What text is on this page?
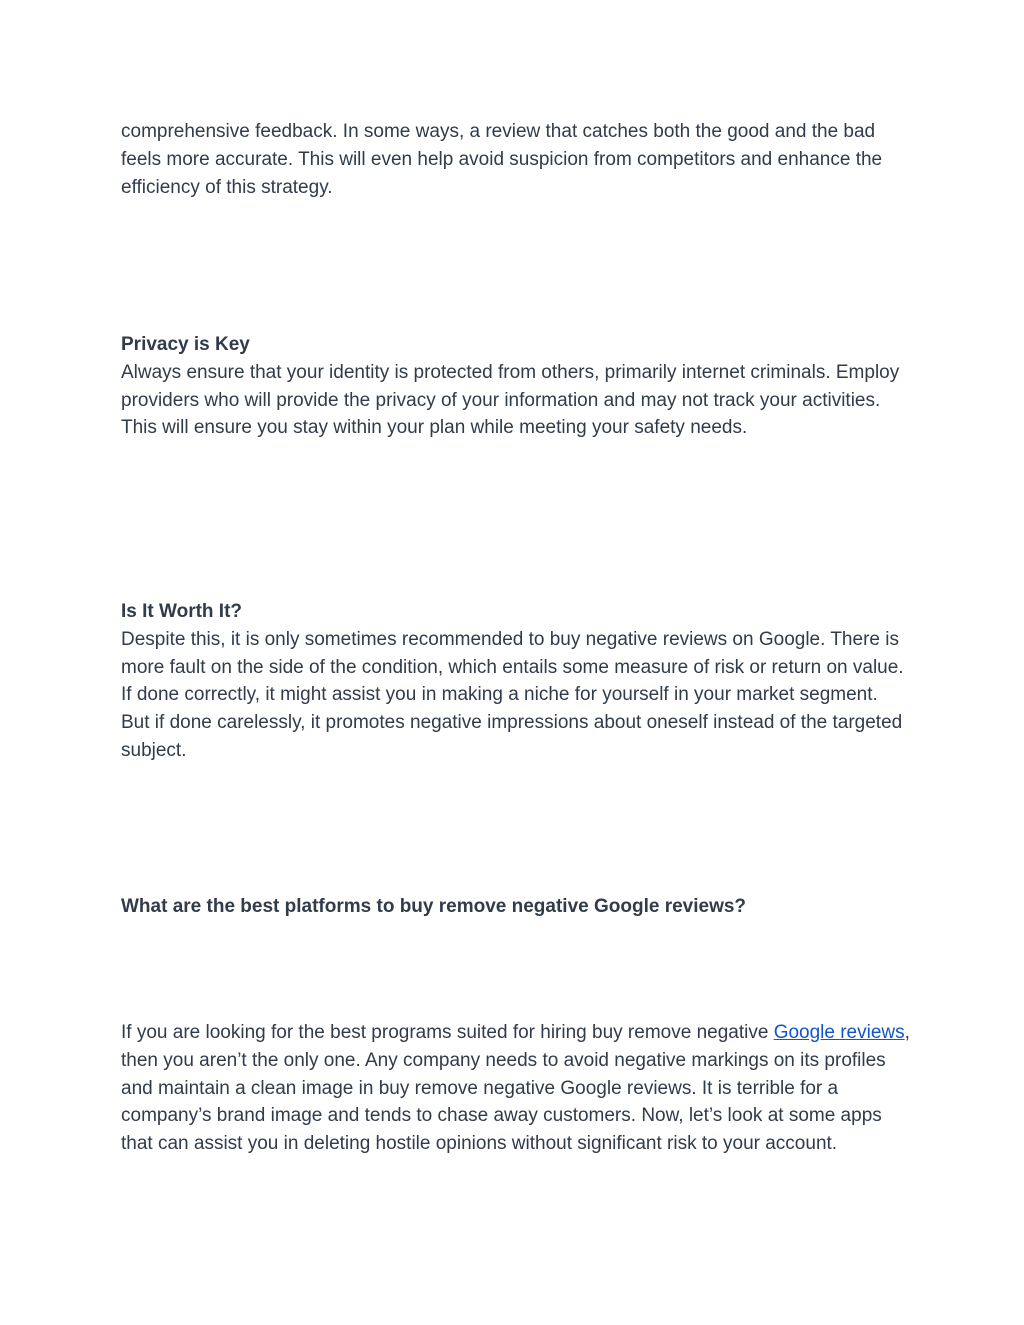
comprehensive feedback. In some ways, a review that catches both the good and the bad feels more accurate. This will even help avoid suspicion from competitors and enhance the efficiency of this strategy.

Privacy is Key

Always ensure that your identity is protected from others, primarily internet criminals. Employ providers who will provide the privacy of your information and may not track your activities. This will ensure you stay within your plan while meeting your safety needs.

Is It Worth It?

Despite this, it is only sometimes recommended to buy negative reviews on Google. There is more fault on the side of the condition, which entails some measure of risk or return on value. If done correctly, it might assist you in making a niche for yourself in your market segment. But if done carelessly, it promotes negative impressions about oneself instead of the targeted subject.

What are the best platforms to buy remove negative Google reviews?

If you are looking for the best programs suited for hiring buy remove negative Google reviews, then you aren’t the only one. Any company needs to avoid negative markings on its profiles and maintain a clean image in buy remove negative Google reviews. It is terrible for a company’s brand image and tends to chase away customers. Now, let’s look at some apps that can assist you in deleting hostile opinions without significant risk to your account.
